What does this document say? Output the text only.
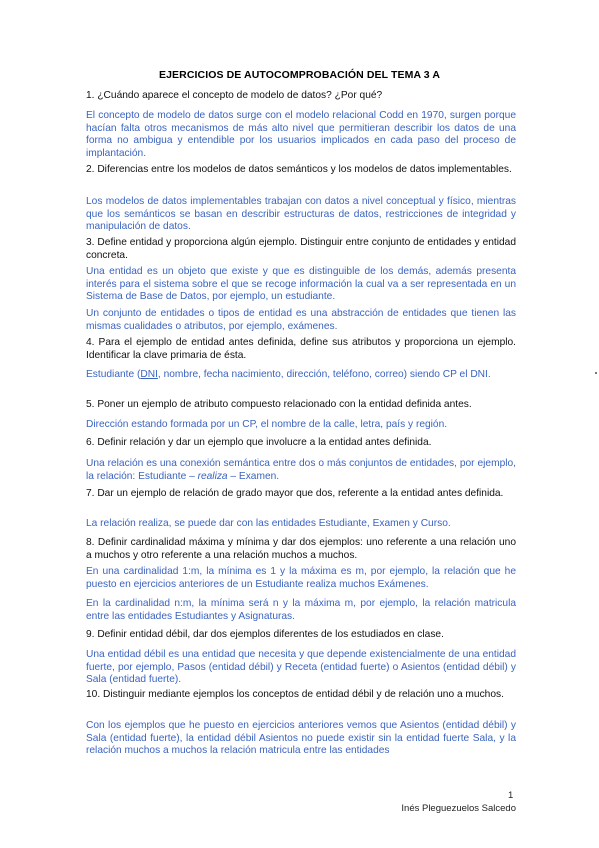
EJERCICIOS DE AUTOCOMPROBACIÓN DEL TEMA 3 A
1. ¿Cuándo aparece el concepto de modelo de datos? ¿Por qué?
El concepto de modelo de datos surge con el modelo relacional Codd en 1970, surgen porque hacían falta otros mecanismos de más alto nivel que permitieran describir los datos de una forma no ambigua y entendible por los usuarios implicados en cada paso del proceso de implantación.
2. Diferencias entre los modelos de datos semánticos y los modelos de datos implementables.
Los modelos de datos implementables trabajan con datos a nivel conceptual y físico, mientras que los semánticos se basan en describir estructuras de datos, restricciones de integridad y manipulación de datos.
3. Define entidad y proporciona algún ejemplo. Distinguir entre conjunto de entidades y entidad concreta.
Una entidad es un objeto que existe y que es distinguible de los demás, además presenta interés para el sistema sobre el que se recoge información la cual va a ser representada en un Sistema de Base de Datos, por ejemplo, un estudiante.
Un conjunto de entidades o tipos de entidad es una abstracción de entidades que tienen las mismas cualidades o atributos, por ejemplo, exámenes.
4. Para el ejemplo de entidad antes definida, define sus atributos y proporciona un ejemplo. Identificar la clave primaria de ésta.
Estudiante (DNI, nombre, fecha nacimiento, dirección, teléfono, correo) siendo CP el DNI.
5. Poner un ejemplo de atributo compuesto relacionado con la entidad definida antes.
Dirección estando formada por un CP, el nombre de la calle, letra, país y región.
6. Definir relación y dar un ejemplo que involucre a la entidad antes definida.
Una relación es una conexión semántica entre dos o más conjuntos de entidades, por ejemplo, la relación: Estudiante – realiza – Examen.
7. Dar un ejemplo de relación de grado mayor que dos, referente a la entidad antes definida.
La relación realiza, se puede dar con las entidades Estudiante, Examen y Curso.
8. Definir cardinalidad máxima y mínima y dar dos ejemplos: uno referente a una relación uno a muchos y otro referente a una relación muchos a muchos.
En una cardinalidad 1:m, la mínima es 1 y la máxima es m, por ejemplo, la relación que he puesto en ejercicios anteriores de un Estudiante realiza muchos Exámenes.
En la cardinalidad n:m, la mínima será n y la máxima m, por ejemplo, la relación matricula entre las entidades Estudiantes y Asignaturas.
9. Definir entidad débil, dar dos ejemplos diferentes de los estudiados en clase.
Una entidad débil es una entidad que necesita y que depende existencialmente de una entidad fuerte, por ejemplo, Pasos (entidad débil) y Receta (entidad fuerte) o Asientos (entidad débil) y Sala (entidad fuerte).
10. Distinguir mediante ejemplos los conceptos de entidad débil y de relación uno a muchos.
Con los ejemplos que he puesto en ejercicios anteriores vemos que Asientos (entidad débil) y Sala (entidad fuerte), la entidad débil Asientos no puede existir sin la entidad fuerte Sala, y la relación muchos a muchos la relación matricula entre las entidades
1
Inés Pleguezuelos Salcedo
